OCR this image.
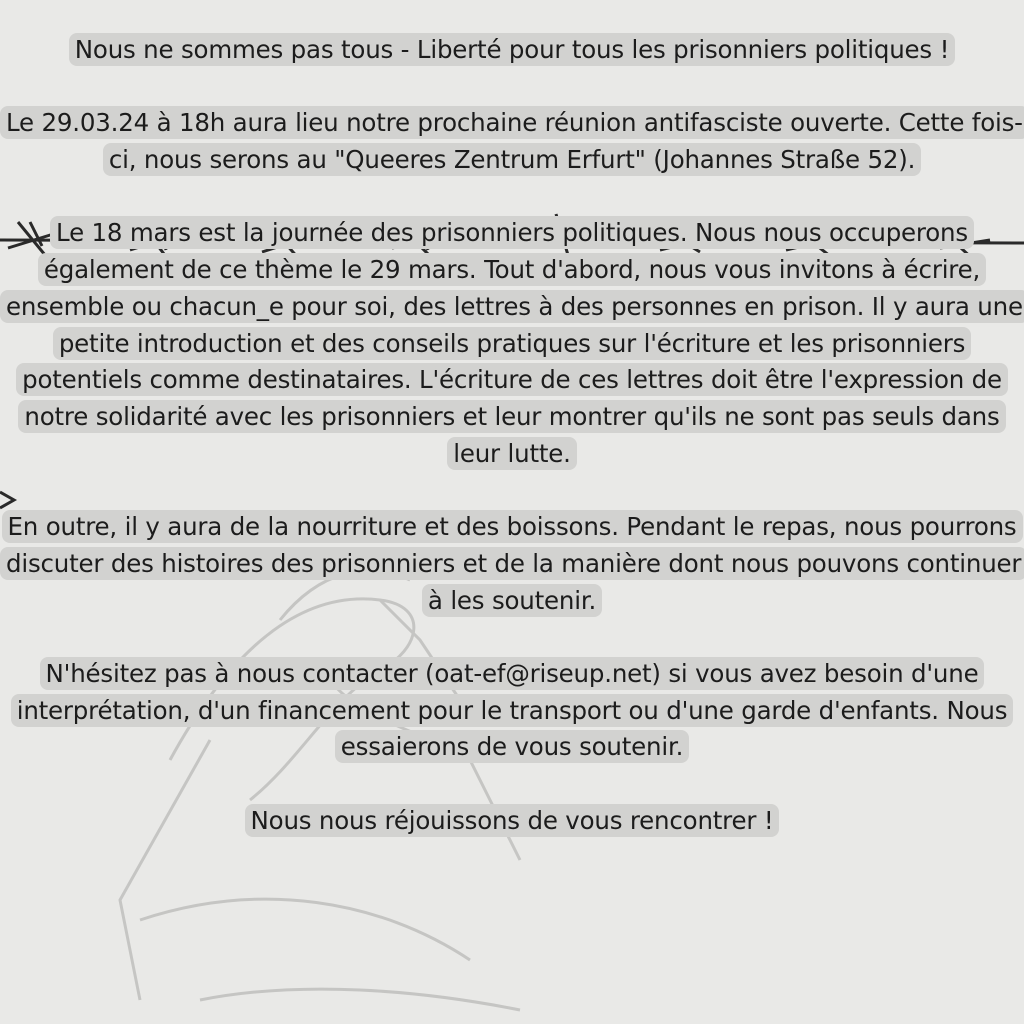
Nous ne sommes pas tous - Liberté pour tous les prisonniers politiques !

Le 29.03.24 à 18h aura lieu notre prochaine réunion antifasciste ouverte. Cette fois-ci, nous serons au "Queeres Zentrum Erfurt" (Johannes Straße 52).

Le 18 mars est la journée des prisonniers politiques. Nous nous occuperons également de ce thème le 29 mars. Tout d'abord, nous vous invitons à écrire, ensemble ou chacun_e pour soi, des lettres à des personnes en prison. Il y aura une petite introduction et des conseils pratiques sur l'écriture et les prisonniers potentiels comme destinataires. L'écriture de ces lettres doit être l'expression de notre solidarité avec les prisonniers et leur montrer qu'ils ne sont pas seuls dans leur lutte.

En outre, il y aura de la nourriture et des boissons. Pendant le repas, nous pourrons discuter des histoires des prisonniers et de la manière dont nous pouvons continuer à les soutenir.

N'hésitez pas à nous contacter (oat-ef@riseup.net) si vous avez besoin d'une interprétation, d'un financement pour le transport ou d'une garde d'enfants. Nous essaierons de vous soutenir.

Nous nous réjouissons de vous rencontrer !
